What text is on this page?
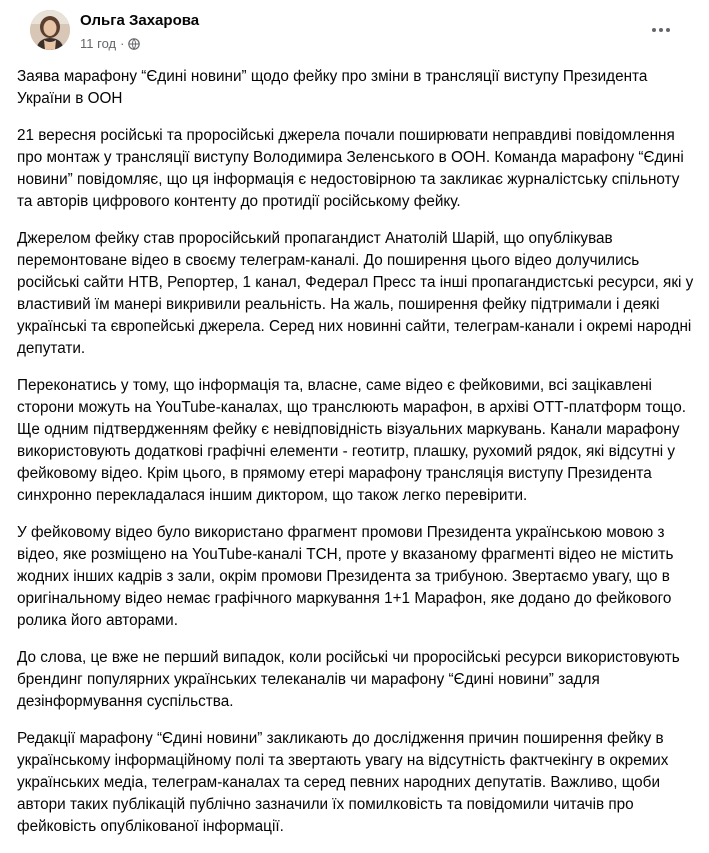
Ольга Захарова
11 год ·

Заява марафону “Єдині новини” щодо фейку про зміни в трансляції виступу Президента України в ООН

21 вересня російські та проросійські джерела почали поширювати неправдиві повідомлення про монтаж у трансляції виступу Володимира Зеленського в ООН. Команда марафону “Єдині новини” повідомляє, що ця інформація є недостовірною та закликає журналістську спільноту та авторів цифрового контенту до протидії російському фейку.

Джерелом фейку став проросійський пропагандист Анатолій Шарій, що опублікував перемонтоване відео в своєму телеграм-каналі. До поширення цього відео долучились російські сайти НТВ, Репортер, 1 канал, Федерал Пресс та інші пропагандистські ресурси, які у властивий їм манері викривили реальність. На жаль, поширення фейку підтримали і деякі українські та європейські джерела. Серед них новинні сайти, телеграм-канали і окремі народні депутати.

Переконатись у тому, що інформація та, власне, саме відео є фейковими, всі зацікавлені сторони можуть на YouTube-каналах, що транслюють марафон, в архіві ОТТ-платформ тощо. Ще одним підтвердженням фейку є невідповідність візуальних маркувань. Канали марафону використовують додаткові графічні елементи - геотитр, плашку, рухомий рядок, які відсутні у фейковому відео. Крім цього, в прямому етері марафону трансляція виступу Президента синхронно перекладалася іншим диктором, що також легко перевірити.

У фейковому відео було використано фрагмент промови Президента українською мовою з відео, яке розміщено на YouTube-каналі ТСН, проте у вказаному фрагменті відео не містить жодних інших кадрів з зали, окрім промови Президента за трибуною. Звертаємо увагу, що в оригінальному відео немає графічного маркування 1+1 Марафон, яке додано до фейкового ролика його авторами.

До слова, це вже не перший випадок, коли російські чи проросійські ресурси використовують брендинг популярних українських телеканалів чи марафону “Єдині новини” задля дезінформування суспільства.

Редакції марафону “Єдині новини” закликають до дослідження причин поширення фейку в українському інформаційному полі та звертають увагу на відсутність фактчекінгу в окремих українських медіа, телеграм-каналах та серед певних народних депутатів. Важливо, щоби автори таких публікацій публічно зазначили їх помилковість та повідомили читачів про фейковість опублікованої інформації.
